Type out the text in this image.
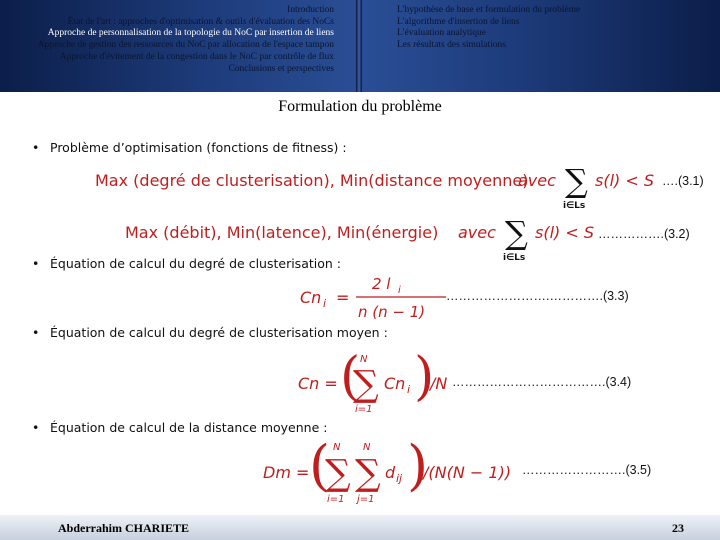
Introduction
État de l'art : approches d'optimisation & outils d'évaluation des NoCs
Approche de personnalisation de la topologie du NoC par insertion de liens
Approche de gestion des ressources du NoC par allocation de l'espace tampon
Approche d'évitement de la congestion dans le NoC par contrôle de flux
Conclusions et perspectives
L'hypothèse de base et formulation du problème
L'algorithme d'insertion de liens
L'évaluation analytique
Les résultats des simulations
Formulation du problème
• Problème d’optimisation (fonctions de fitness) :
Max (degré de clusterisation), Min(distance moyenne)
avec ∑
i∈Ls
s(l) < S ….(3.1)
Max (débit), Min(latence), Min(énergie) avec ∑
i∈Ls
s(l) < S …………….(3.2)
• Équation de calcul du degré de clusterisation :
Cn i =
2 l i
n (n − 1)
…………………….………….(3.3)
• Équation de calcul du degré de clusterisation moyen :
Cn = ( N
∑
i=1
Cn i )
/N ……………………………….(3.4)
• Équation de calcul de la distance moyenne :
Dm = ( N
∑
i=1
N
∑
j=1
d ij )
/(N(N − 1)) …………………….(3.5)
Abderrahim CHARIETE	23
